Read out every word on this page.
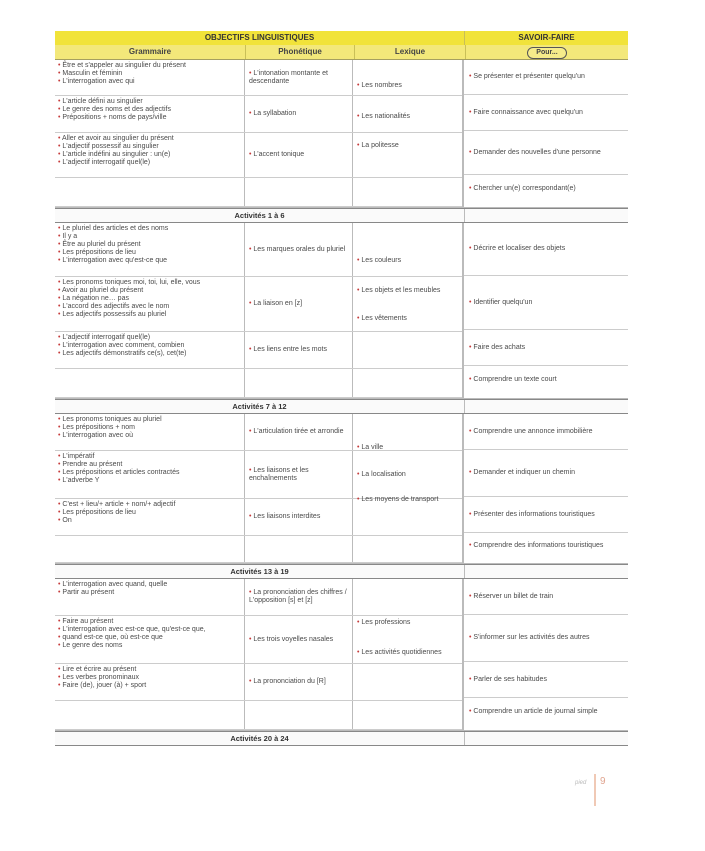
OBJECTIFS LINGUISTIQUES	SAVOIR-FAIRE
Grammaire	Phonétique	Lexique	Pour...
• Être et s'appeler au singulier du présent
• Masculin et féminin
• L'interrogation avec qui
• L'intonation montante et descendante
• L'article défini au singulier
• Le genre des noms et des adjectifs
• Prépositions + noms de pays/ville
• La syllabation
• Aller et avoir au singulier du présent
• L'adjectif possessif au singulier
• L'article indéfini au singulier : un(e)
• L'adjectif interrogatif quel(le)
• L'accent tonique
• Les nombres
• Les nationalités
• La politesse
• Se présenter et présenter quelqu'un
• Faire connaissance avec quelqu'un
• Demander des nouvelles d'une personne
• Chercher un(e) correspondant(e)
Activités 1 à 6
• Le pluriel des articles et des noms
• Il y a
• Être au pluriel du présent
• Les prépositions de lieu
• L'interrogation avec qu'est-ce que
• Les marques orales du pluriel
• Les pronoms toniques moi, toi, lui, elle, vous
• Avoir au pluriel du présent
• La négation ne… pas
• L'accord des adjectifs avec le nom
• Les adjectifs possessifs au pluriel
• La liaison en [z]
• L'adjectif interrogatif quel(le)
• L'interrogation avec comment, combien
• Les adjectifs démonstratifs ce(s), cet(te)
• Les liens entre les mots
• Les couleurs
• Les objets et les meubles
• Les vêtements
• Décrire et localiser des objets
• Identifier quelqu'un
• Faire des achats
• Comprendre un texte court
Activités 7 à 12
• Les pronoms toniques au pluriel
• Les prépositions + nom
• L'interrogation avec où
• L'articulation tirée et arrondie
• L'impératif
• Prendre au présent
• Les prépositions et articles contractés
• L'adverbe Y
• Les liaisons et les enchaînements
• C'est + lieu/+ article + nom/+ adjectif
• Les prépositions de lieu
• On
• Les liaisons interdites
• La ville
• La localisation
• Les moyens de transport
• Comprendre une annonce immobilière
• Demander et indiquer un chemin
• Présenter des informations touristiques
• Comprendre des informations touristiques
Activités 13 à 19
• L'interrogation avec quand, quelle
• Partir au présent
•	La prononciation des chiffres / L'opposition [s] et [z]
• Faire au présent
• L'interrogation avec est-ce que, qu'est-ce que,
• quand est-ce que, où est-ce que
• Le genre des noms
• Les trois voyelles nasales
• Lire et écrire au présent
• Les verbes pronominaux
• Faire (de), jouer (à) + sport
• La prononciation du [R]
• Les professions
• Les activités quotidiennes
• Réserver un billet de train
• S'informer sur les activités des autres
• Parler de ses habitudes
• Comprendre un article de journal simple
Activités 20 à 24
pied 9
